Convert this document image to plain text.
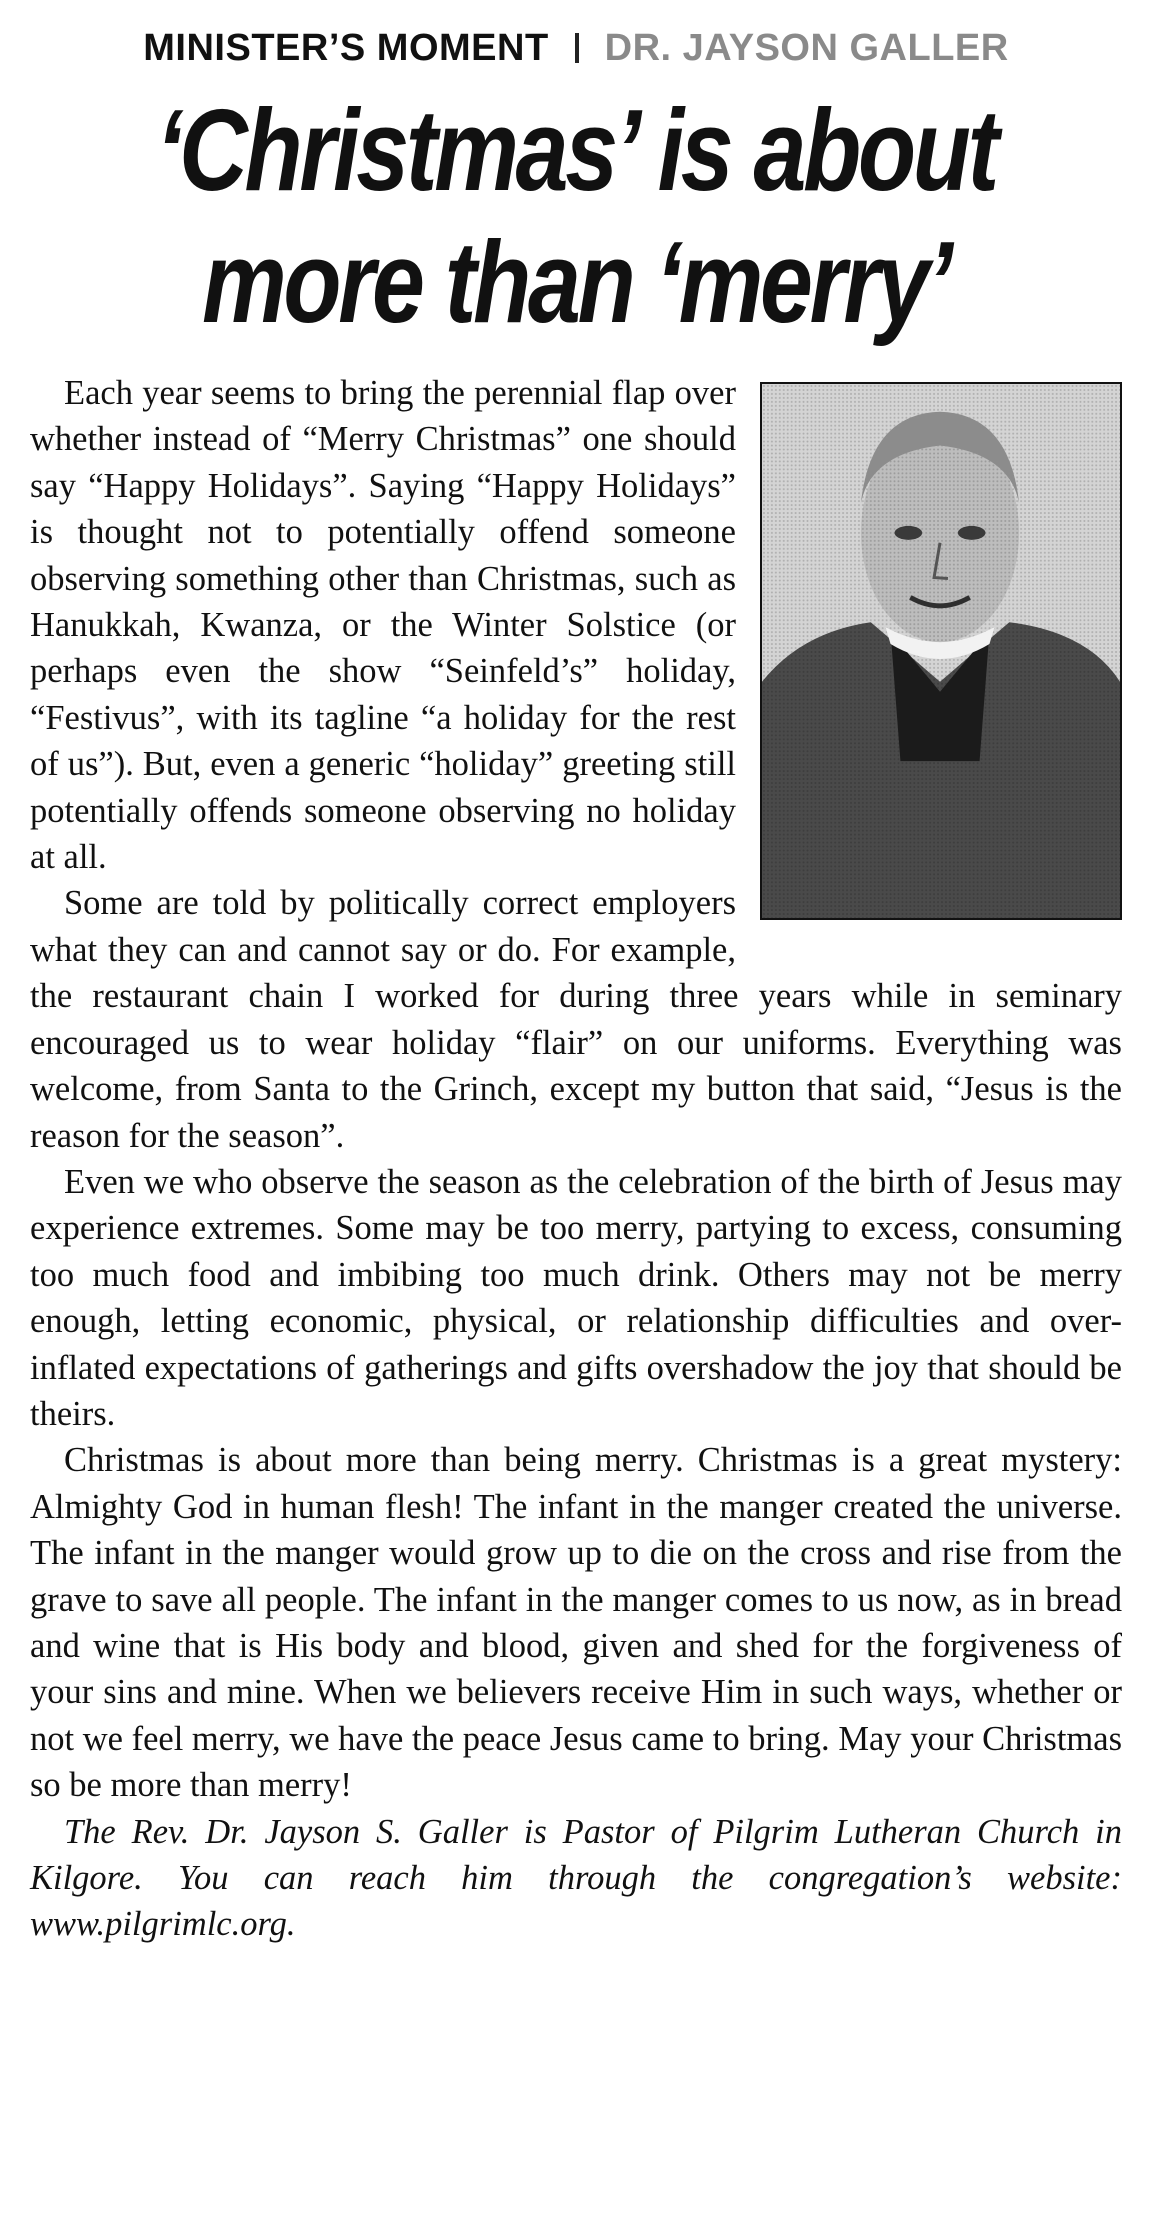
MINISTER’S MOMENT DR. JAYSON GALLER
‘Christmas’ is about
more than ‘merry’

Each year seems to bring the perennial flap over whether instead of “Merry Christmas” one should say “Happy Holidays”. Saying “Happy Holidays” is thought not to potentially offend someone observing something other than Christmas, such as Hanukkah, Kwanza, or the Winter Solstice (or perhaps even the show “Seinfeld’s” holiday, “Festivus”, with its tagline “a holiday for the rest of us”). But, even a generic “holiday” greeting still potentially offends someone observing no holiday at all.

Some are told by politically correct employers what they can and cannot say or do. For example, the restaurant chain I worked for during three years while in seminary encouraged us to wear holiday “flair” on our uniforms. Everything was welcome, from Santa to the Grinch, except my button that said, “Jesus is the reason for the season”.

Even we who observe the season as the celebration of the birth of Jesus may experience extremes. Some may be too merry, partying to excess, consuming too much food and imbibing too much drink. Others may not be merry enough, letting economic, physical, or relationship difficulties and over-inflated expectations of gatherings and gifts overshadow the joy that should be theirs.

Christmas is about more than being merry. Christmas is a great mystery: Almighty God in human flesh! The infant in the manger created the universe. The infant in the manger would grow up to die on the cross and rise from the grave to save all people. The infant in the manger comes to us now, as in bread and wine that is His body and blood, given and shed for the forgiveness of your sins and mine. When we believers receive Him in such ways, whether or not we feel merry, we have the peace Jesus came to bring. May your Christmas so be more than merry!

The Rev. Dr. Jayson S. Galler is Pastor of Pilgrim Lutheran Church in Kilgore. You can reach him through the congregation’s website: www.pilgrimlc.org.
